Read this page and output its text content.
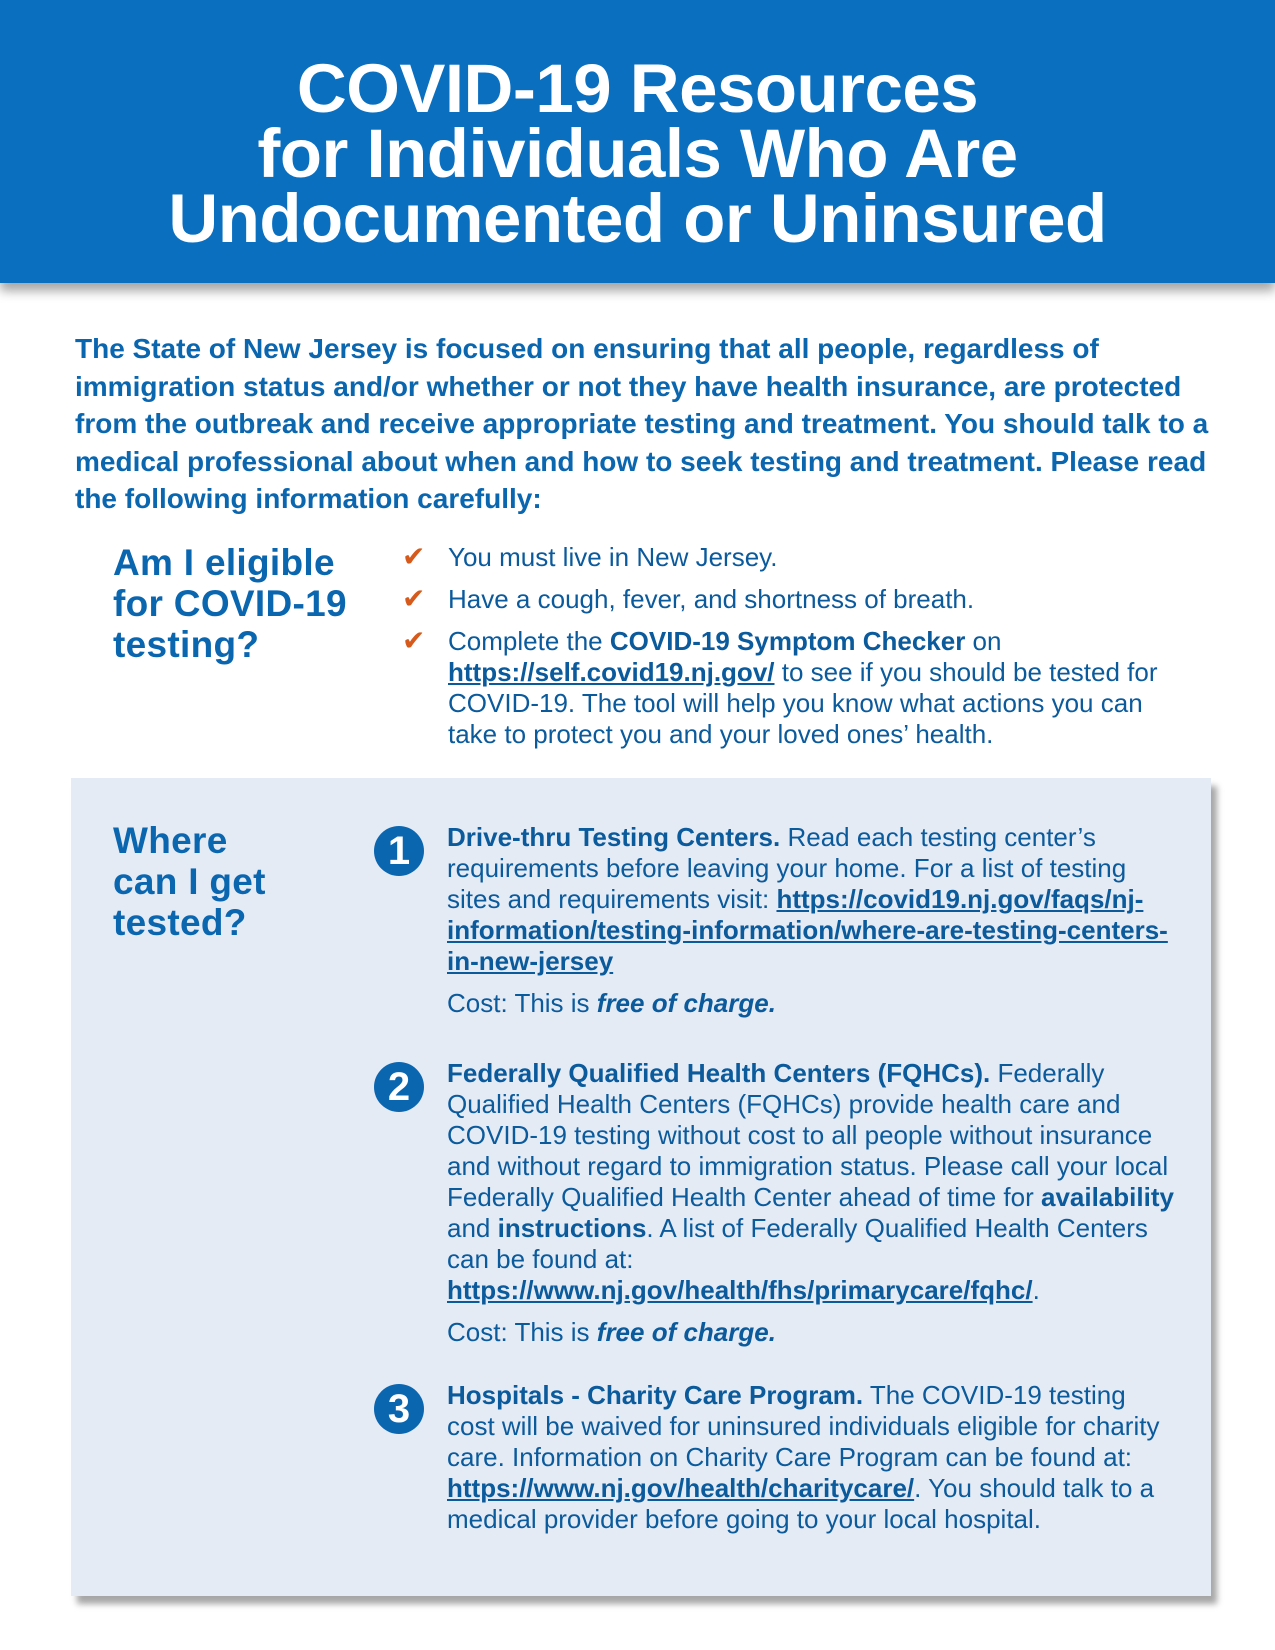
COVID-19 Resources
for Individuals Who Are
Undocumented or Uninsured
The State of New Jersey is focused on ensuring that all people, regardless of immigration status and/or whether or not they have health insurance, are protected from the outbreak and receive appropriate testing and treatment. You should talk to a medical professional about when and how to seek testing and treatment. Please read the following information carefully:
Am I eligible
for COVID-19
testing?
✔ You must live in New Jersey.
✔ Have a cough, fever, and shortness of breath.
✔ Complete the COVID-19 Symptom Checker on https://self.covid19.nj.gov/ to see if you should be tested for COVID-19. The tool will help you know what actions you can take to protect you and your loved ones’ health.
Where
can I get
tested?
1	Drive-thru Testing Centers. Read each testing center’s requirements before leaving your home. For a list of testing sites and requirements visit: https://covid19.nj.gov/faqs/nj-information/testing-information/where-are-testing-centers-in-new-jersey
Cost: This is free of charge.
2	Federally Qualified Health Centers (FQHCs). Federally Qualified Health Centers (FQHCs) provide health care and COVID-19 testing without cost to all people without insurance and without regard to immigration status. Please call your local Federally Qualified Health Center ahead of time for availability and instructions. A list of Federally Qualified Health Centers can be found at: https://www.nj.gov/health/fhs/primarycare/fqhc/.
Cost: This is free of charge.
3	Hospitals - Charity Care Program. The COVID-19 testing cost will be waived for uninsured individuals eligible for charity care. Information on Charity Care Program can be found at: https://www.nj.gov/health/charitycare/. You should talk to a medical provider before going to your local hospital.
